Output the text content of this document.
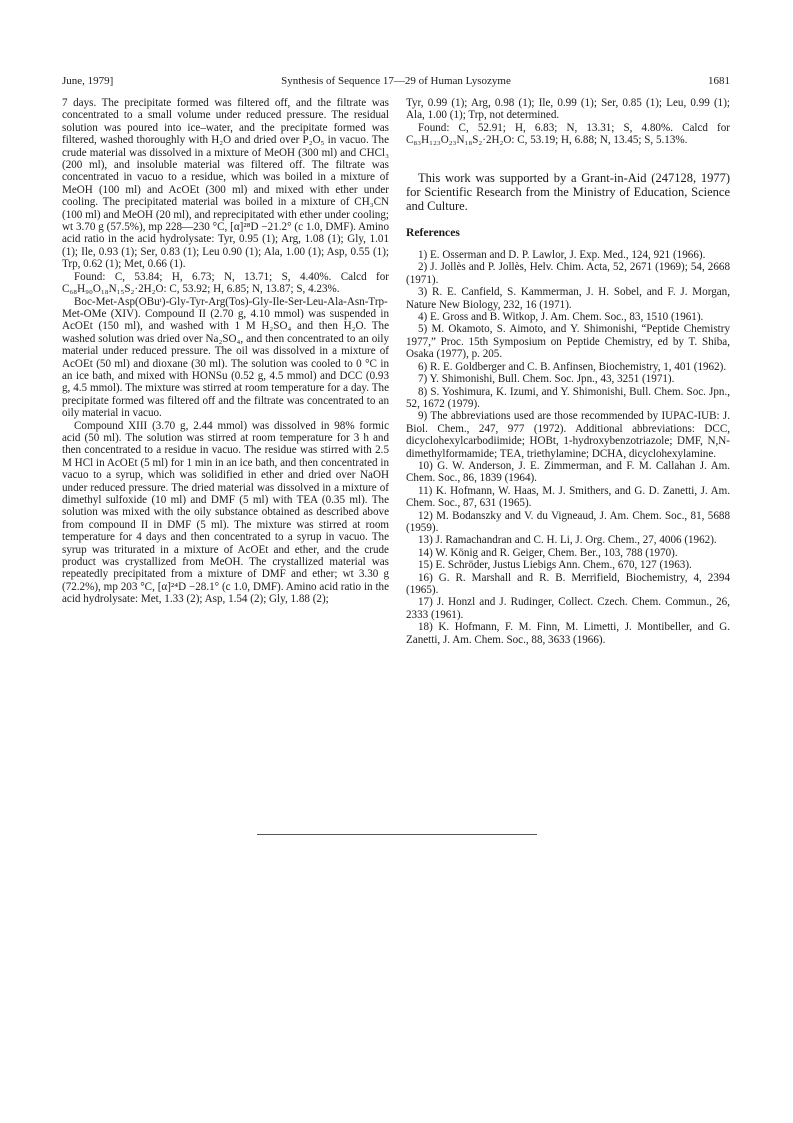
June, 1979]	Synthesis of Sequence 17—29 of Human Lysozyme	1681

7 days. The precipitate formed was filtered off, and the filtrate was concentrated to a small volume under reduced pressure. The residual solution was poured into ice–water, and the precipitate formed was filtered, washed thoroughly with H₂O and dried over P₂O₅ in vacuo. The crude material was dissolved in a mixture of MeOH (300 ml) and CHCl₃ (200 ml), and insoluble material was filtered off. The filtrate was concentrated in vacuo to a residue, which was boiled in a mixture of MeOH (100 ml) and AcOEt (300 ml) and mixed with ether under cooling. The precipitated material was boiled in a mixture of CH₃CN (100 ml) and MeOH (20 ml), and reprecipitated with ether under cooling; wt 3.70 g (57.5%), mp 228—230 °C, [α]²⁸D −21.2° (c 1.0, DMF). Amino acid ratio in the acid hydrolysate: Tyr, 0.95 (1); Arg, 1.08 (1); Gly, 1.01 (1); Ile, 0.93 (1); Ser, 0.83 (1); Leu 0.90 (1); Ala, 1.00 (1); Asp, 0.55 (1); Trp, 0.62 (1); Met, 0.66 (1).

Found: C, 53.84; H, 6.73; N, 13.71; S, 4.40%. Calcd for C₆₈H₉₀O₁₈N₁₅S₂·2H₂O: C, 53.92; H, 6.85; N, 13.87; S, 4.23%.

Boc-Met-Asp(OBuᵗ)-Gly-Tyr-Arg(Tos)-Gly-Ile-Ser-Leu-Ala-Asn-Trp-Met-OMe (XIV). Compound II (2.70 g, 4.10 mmol) was suspended in AcOEt (150 ml), and washed with 1 M H₂SO₄ and then H₂O. The washed solution was dried over Na₂SO₄, and then concentrated to an oily material under reduced pressure. The oil was dissolved in a mixture of AcOEt (50 ml) and dioxane (30 ml). The solution was cooled to 0 °C in an ice bath, and mixed with HONSu (0.52 g, 4.5 mmol) and DCC (0.93 g, 4.5 mmol). The mixture was stirred at room temperature for a day. The precipitate formed was filtered off and the filtrate was concentrated to an oily material in vacuo.

Compound XIII (3.70 g, 2.44 mmol) was dissolved in 98% formic acid (50 ml). The solution was stirred at room temperature for 3 h and then concentrated to a residue in vacuo. The residue was stirred with 2.5 M HCl in AcOEt (5 ml) for 1 min in an ice bath, and then concentrated in vacuo to a syrup, which was solidified in ether and dried over NaOH under reduced pressure. The dried material was dissolved in a mixture of dimethyl sulfoxide (10 ml) and DMF (5 ml) with TEA (0.35 ml). The solution was mixed with the oily substance obtained as described above from compound II in DMF (5 ml). The mixture was stirred at room temperature for 4 days and then concentrated to a syrup in vacuo. The syrup was triturated in a mixture of AcOEt and ether, and the crude product was crystallized from MeOH. The crystallized material was repeatedly precipitated from a mixture of DMF and ether; wt 3.30 g (72.2%), mp 203 °C, [α]²⁴D −28.1° (c 1.0, DMF). Amino acid ratio in the acid hydrolysate: Met, 1.33 (2); Asp, 1.54 (2); Gly, 1.88 (2);

Tyr, 0.99 (1); Arg, 0.98 (1); Ile, 0.99 (1); Ser, 0.85 (1); Leu, 0.99 (1); Ala, 1.00 (1); Trp, not determined.

Found: C, 52.91; H, 6.83; N, 13.31; S, 4.80%. Calcd for C₈₃H₁₂₃O₂₃N₁₈S₂·2H₂O: C, 53.19; H, 6.88; N, 13.45; S, 5.13%.

This work was supported by a Grant-in-Aid (247128, 1977) for Scientific Research from the Ministry of Education, Science and Culture.

References
1) E. Osserman and D. P. Lawlor, J. Exp. Med., 124, 921 (1966).
2) J. Jollès and P. Jollès, Helv. Chim. Acta, 52, 2671 (1969); 54, 2668 (1971).
3) R. E. Canfield, S. Kammerman, J. H. Sobel, and F. J. Morgan, Nature New Biology, 232, 16 (1971).
4) E. Gross and B. Witkop, J. Am. Chem. Soc., 83, 1510 (1961).
5) M. Okamoto, S. Aimoto, and Y. Shimonishi, “Peptide Chemistry 1977,” Proc. 15th Symposium on Peptide Chemistry, ed by T. Shiba, Osaka (1977), p. 205.
6) R. E. Goldberger and C. B. Anfinsen, Biochemistry, 1, 401 (1962).
7) Y. Shimonishi, Bull. Chem. Soc. Jpn., 43, 3251 (1971).
8) S. Yoshimura, K. Izumi, and Y. Shimonishi, Bull. Chem. Soc. Jpn., 52, 1672 (1979).
9) The abbreviations used are those recommended by IUPAC-IUB: J. Biol. Chem., 247, 977 (1972). Additional abbreviations: DCC, dicyclohexylcarbodiimide; HOBt, 1-hydroxybenzotriazole; DMF, N,N-dimethylformamide; TEA, triethylamine; DCHA, dicyclohexylamine.
10) G. W. Anderson, J. E. Zimmerman, and F. M. Callahan J. Am. Chem. Soc., 86, 1839 (1964).
11) K. Hofmann, W. Haas, M. J. Smithers, and G. D. Zanetti, J. Am. Chem. Soc., 87, 631 (1965).
12) M. Bodanszky and V. du Vigneaud, J. Am. Chem. Soc., 81, 5688 (1959).
13) J. Ramachandran and C. H. Li, J. Org. Chem., 27, 4006 (1962).
14) W. König and R. Geiger, Chem. Ber., 103, 788 (1970).
15) E. Schröder, Justus Liebigs Ann. Chem., 670, 127 (1963).
16) G. R. Marshall and R. B. Merrifield, Biochemistry, 4, 2394 (1965).
17) J. Honzl and J. Rudinger, Collect. Czech. Chem. Commun., 26, 2333 (1961).
18) K. Hofmann, F. M. Finn, M. Limetti, J. Montibeller, and G. Zanetti, J. Am. Chem. Soc., 88, 3633 (1966).
